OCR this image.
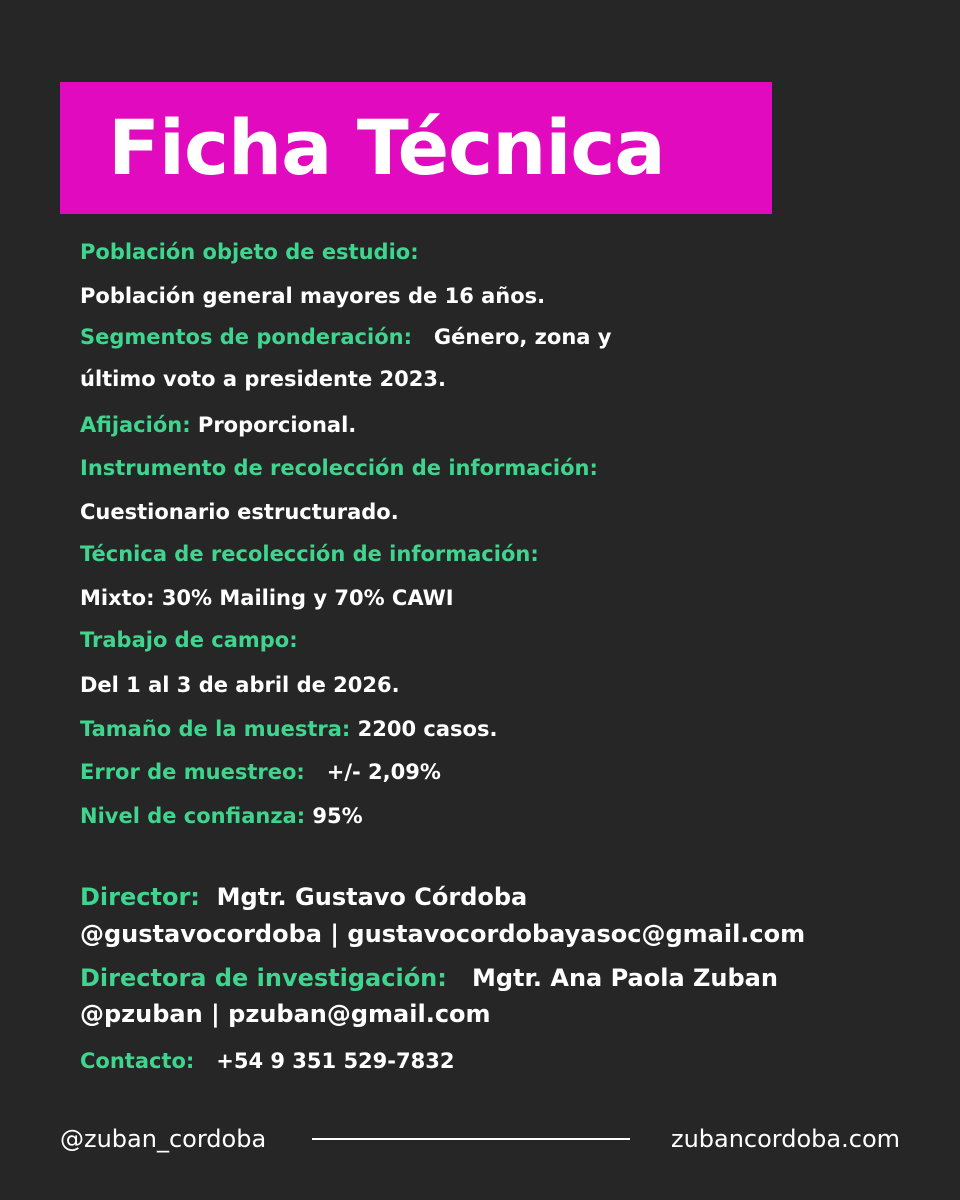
Ficha Técnica
Población objeto de estudio:
Población general mayores de 16 años.
Segmentos de ponderación: Género, zona y
último voto a presidente 2023.
Afijación: Proporcional.
Instrumento de recolección de información:
Cuestionario estructurado.
Técnica de recolección de información:
Mixto: 30% Mailing y 70% CAWI
Trabajo de campo:
Del 1 al 3 de abril de 2026.
Tamaño de la muestra: 2200 casos.
Error de muestreo: +/- 2,09%
Nivel de confianza: 95%
Director: Mgtr. Gustavo Córdoba
@gustavocordoba | gustavocordobayasoc@gmail.com
Directora de investigación: Mgtr. Ana Paola Zuban
@pzuban | pzuban@gmail.com
Contacto: +54 9 351 529-7832
@zuban_cordoba	zubancordoba.com
